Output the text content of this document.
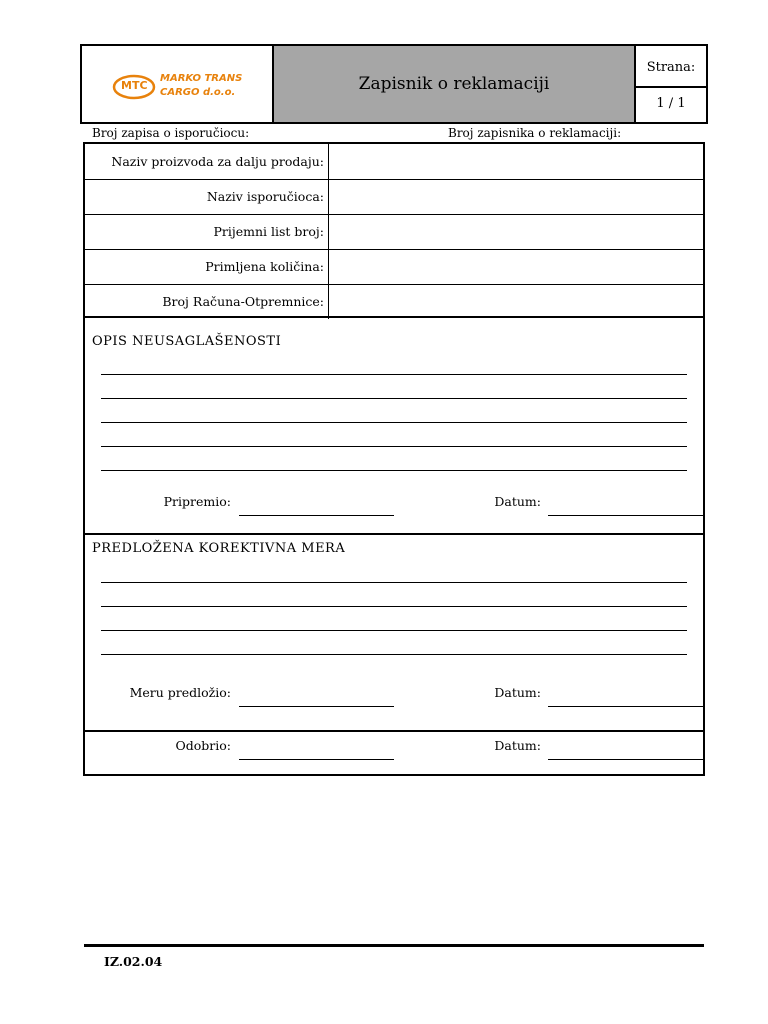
MTC
MARKO TRANS
CARGO d.o.o.	Zapisnik o reklamaciji
Strana:
1 / 1
Broj zapisa o isporučiocu:	Broj zapisnika o reklamaciji:
Naziv proizvoda za dalju prodaju:
Naziv isporučioca:
Prijemni list broj:
Primljena količina:
Broj Računa-Otpremnice:
OPIS NEUSAGLAŠENOSTI
Pripremio:	Datum:
PREDLOŽENA KOREKTIVNA MERA
Meru predložio:	Datum:
Odobrio:	Datum:
IZ.02.04
